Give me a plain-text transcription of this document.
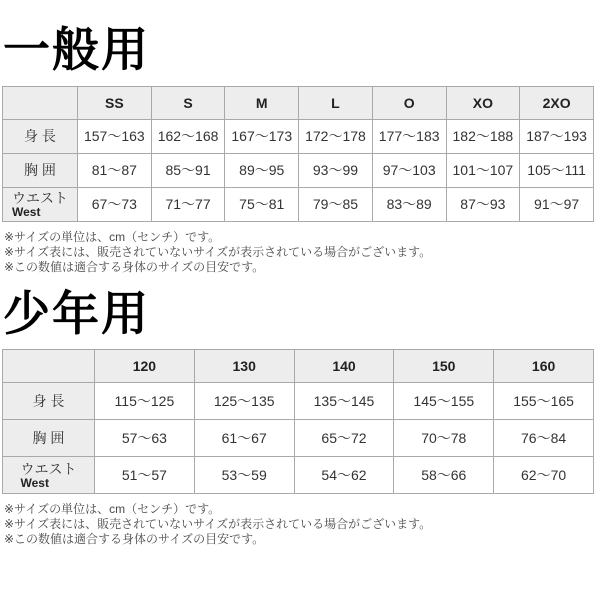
一般用
	SS	S	M	L	O	XO	2XO
身 長	157～163	162～168	167～173	172～178	177～183	182～188	187～193
胸 囲	81～87	85～91	89～95	93～99	97～103	101～107	105～111
ウエスト
West	67～73	71～77	75～81	79～85	83～89	87～93	91～97

※サイズの単位は、cm（センチ）です。

※サイズ表には、販売されていないサイズが表示されている場合がございます。

※この数値は適合する身体のサイズの目安です。

少年用
	120	130	140	150	160
身 長	115～125	125～135	135～145	145～155	155～165
胸 囲	57～63	61～67	65～72	70～78	76～84
ウエスト
West	51～57	53～59	54～62	58～66	62～70

※サイズの単位は、cm（センチ）です。

※サイズ表には、販売されていないサイズが表示されている場合がございます。

※この数値は適合する身体のサイズの目安です。
